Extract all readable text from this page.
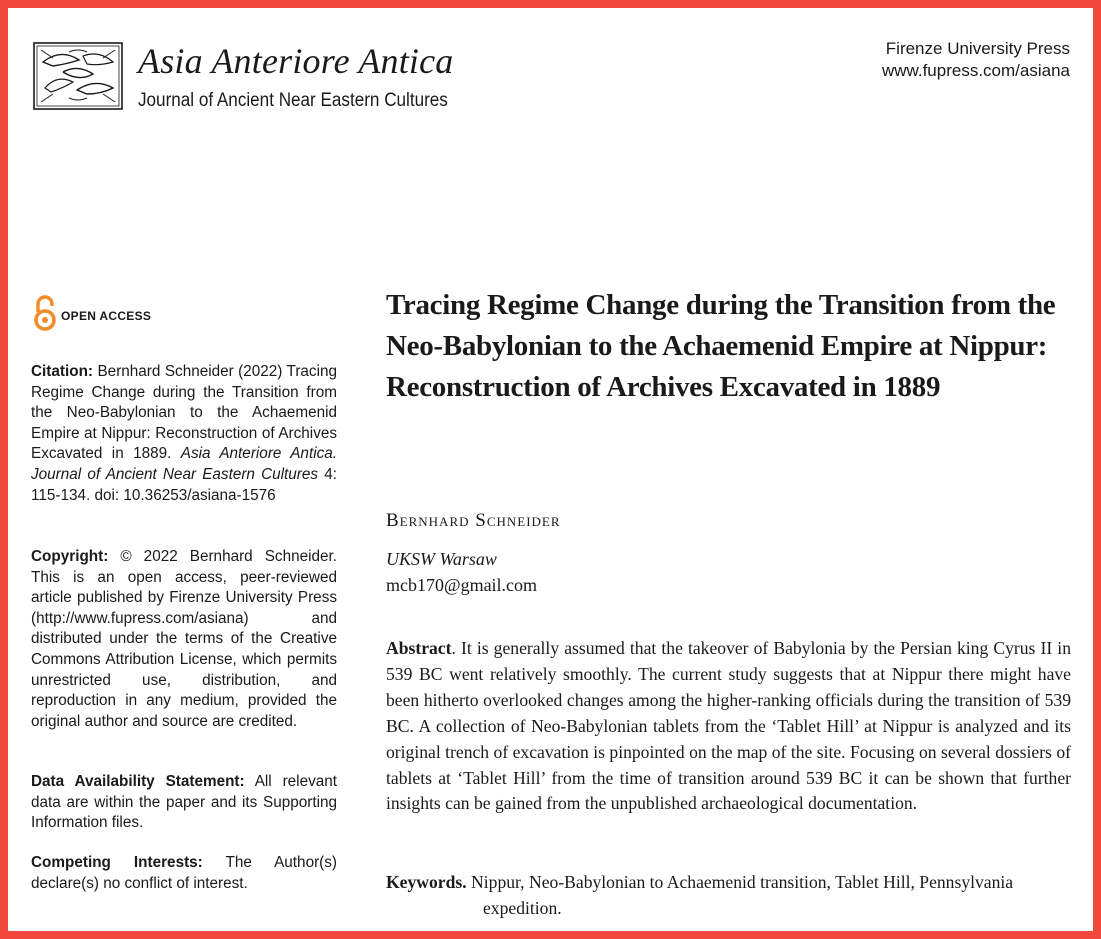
Asia Anteriore Antica
Journal of Ancient Near Eastern Cultures
Firenze University Press
www.fupress.com/asiana
OPEN ACCESS

Citation: Bernhard Schneider (2022) Tracing Regime Change during the Transition from the Neo-Babylonian to the Achaemenid Empire at Nippur: Reconstruction of Archives Excavated in 1889. Asia Anteriore Antica. Journal of Ancient Near Eastern Cultures 4: 115-134. doi: 10.36253/asiana-1576

Copyright: © 2022 Bernhard Schneider. This is an open access, peer-reviewed article published by Firenze University Press (http://www.fupress.com/asiana) and distributed under the terms of the Creative Commons Attribution License, which permits unrestricted use, distribution, and reproduction in any medium, provided the original author and source are credited.

Data Availability Statement: All relevant data are within the paper and its Supporting Information files.

Competing Interests: The Author(s) declare(s) no conflict of interest.

Tracing Regime Change during the Transition from the Neo-Babylonian to the Achaemenid Empire at Nippur: Reconstruction of Archives Excavated in 1889
Bernhard Schneider
UKSW Warsaw
mcb170@gmail.com

Abstract. It is generally assumed that the takeover of Babylonia by the Persian king Cyrus II in 539 BC went relatively smoothly. The current study suggests that at Nippur there might have been hitherto overlooked changes among the higher-ranking officials during the transition of 539 BC. A collection of Neo-Babylonian tablets from the ‘Tablet Hill’ at Nippur is analyzed and its original trench of excavation is pinpointed on the map of the site. Focusing on several dossiers of tablets at ‘Tablet Hill’ from the time of transition around 539 BC it can be shown that further insights can be gained from the unpublished archaeological documentation.

Keywords. Nippur, Neo-Babylonian to Achaemenid transition, Tablet Hill, Pennsylvania expedition.
